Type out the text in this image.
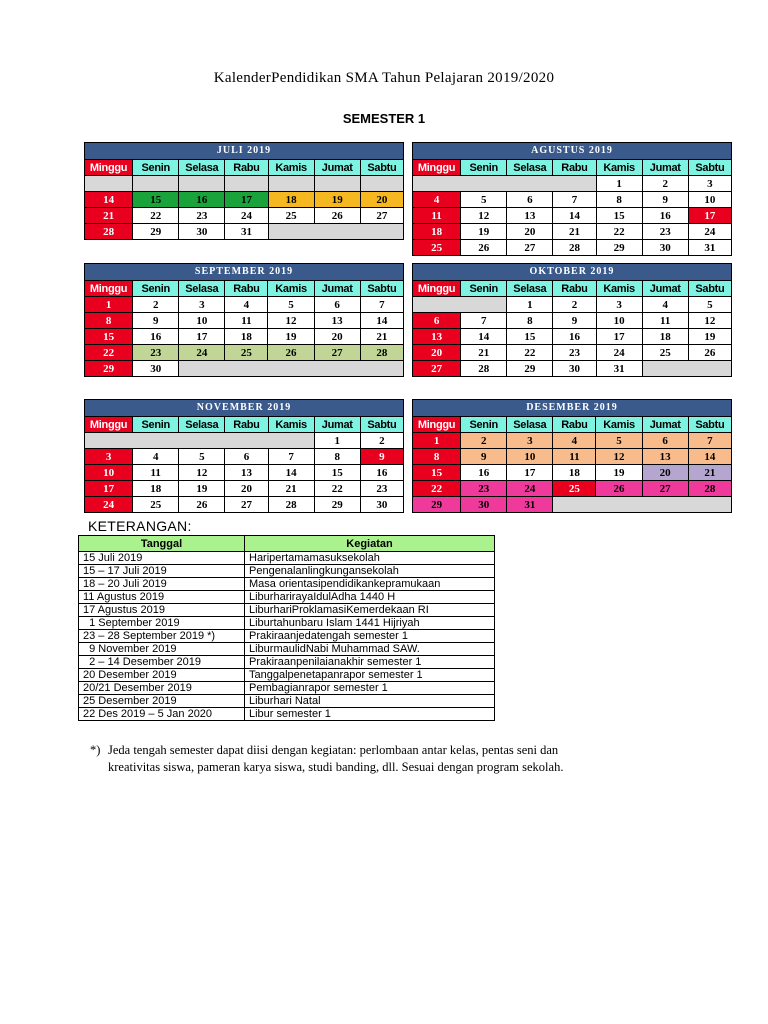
KalenderPendidikan SMA Tahun Pelajaran 2019/2020
SEMESTER 1
JULI 2019						
Minggu	Senin	Selasa	Rabu	Kamis	Jumat	Sabtu

14	15	16	17	18	19	20
21	22	23	24	25	26	27
28	29	30	31			
AGUSTUS 2019						
Minggu	Senin	Selasa	Rabu	Kamis	Jumat	Sabtu
				1	2	3
4	5	6	7	8	9	10
11	12	13	14	15	16	17
18	19	20	21	22	23	24
25	26	27	28	29	30	31
SEPTEMBER 2019						
Minggu	Senin	Selasa	Rabu	Kamis	Jumat	Sabtu
1	2	3	4	5	6	7
8	9	10	11	12	13	14
15	16	17	18	19	20	21
22	23	24	25	26	27	28
29	30					
OKTOBER 2019						
Minggu	Senin	Selasa	Rabu	Kamis	Jumat	Sabtu
		1	2	3	4	5
6	7	8	9	10	11	12
13	14	15	16	17	18	19
20	21	22	23	24	25	26
27	28	29	30	31		
NOVEMBER 2019						
Minggu	Senin	Selasa	Rabu	Kamis	Jumat	Sabtu
					1	2
3	4	5	6	7	8	9
10	11	12	13	14	15	16
17	18	19	20	21	22	23
24	25	26	27	28	29	30
DESEMBER 2019						
Minggu	Senin	Selasa	Rabu	Kamis	Jumat	Sabtu
1	2	3	4	5	6	7
8	9	10	11	12	13	14
15	16	17	18	19	20	21
22	23	24	25	26	27	28
29	30	31				
KETERANGAN:
Tanggal	Kegiatan
15 Juli 2019	Haripertamamasuksekolah
15 – 17 Juli 2019	Pengenalanlingkungansekolah
18 – 20 Juli 2019	Masa orientasipendidikankepramukaan
11 Agustus 2019	LiburharirayaIdulAdha 1440 H
17 Agustus 2019	LiburhariProklamasiKemerdekaan RI
1 September 2019	Liburtahunbaru Islam 1441 Hijriyah
23 – 28 September 2019 *)	Prakiraanjedatengah semester 1
9 November 2019	LiburmaulidNabi Muhammad SAW.
2 – 14 Desember 2019	Prakiraanpenilaianakhir semester 1
20 Desember 2019	Tanggalpenetapanrapor semester 1
20/21 Desember 2019	Pembagianrapor semester 1
25 Desember 2019	Liburhari Natal
22 Des 2019 – 5 Jan 2020	Libur semester 1
*) Jeda tengah semester dapat diisi dengan kegiatan: perlombaan antar kelas, pentas seni dan
kreativitas siswa, pameran karya siswa, studi banding, dll. Sesuai dengan program sekolah.
